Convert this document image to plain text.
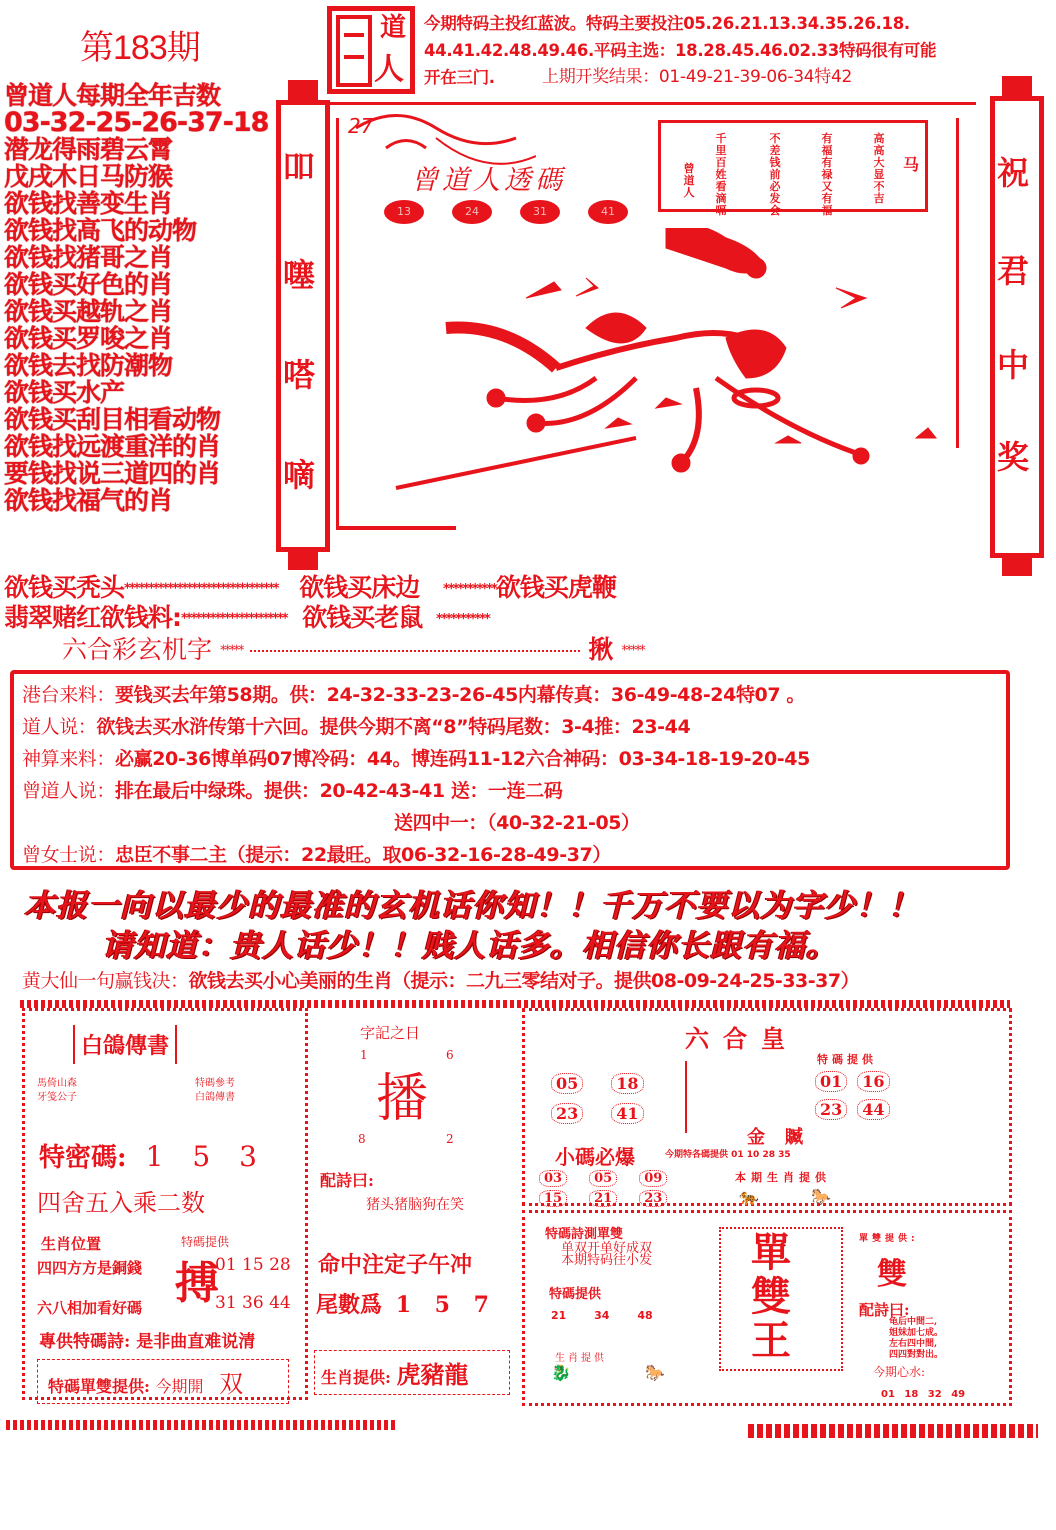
第183期
道
人
今期特码主投红蓝波。特码主要投注05.26.21.13.34.35.26.18.
44.41.42.48.49.46.平码主选：18.28.45.46.02.33特码很有可能
开在三门.	上期开奖结果：01-49-21-39-06-34特42
曾道人每期全年吉数
03-32-25-26-37-18
潜龙得雨碧云霄
戊戌木日马防猴
欲钱找善变生肖
欲钱找高飞的动物
欲钱找猪哥之肖
欲钱买好色的肖
欲钱买越轨之肖
欲钱买罗唆之肖
欲钱去找防潮物
欲钱买水产
欲钱买刮目相看动物
欲钱找远渡重洋的肖
要钱找说三道四的肖
欲钱找福气的肖
吅
噻
嗒
嘀
祝
君
中
奖
27
曾道人透碼
13	24	31	41
曾道人
千里百姓看滴嗝
不差钱前必发会
有福有禄又有福
高高大显不吉
马
欲钱买秃头******************************** 欲钱买床边 ***********欲钱买虎鞭
翡翠赌红欲钱料:********************** 欲钱买老鼠 ***********
六合彩玄机字 *****	揪 *****
港台来料：要钱买去年第58期。供：24-32-33-23-26-45内幕传真：36-49-48-24特07 。
道人说：欲钱去买水浒传第十六回。提供今期不离“8”特码尾数：3-4推：23-44
神算来料：必赢20-36博单码07博冷码：44。博连码11-12六合神码：03-34-18-19-20-45
曾道人说：排在最后中绿珠。提供：20-42-43-41 送：一连二码
送四中一：（40-32-21-05）
曾女士说：忠臣不事二主（提示：22最旺。取06-32-16-28-49-37）
本报一向以最少的最准的玄机话你知！！千万不要以为字少！！
请知道：贵人话少！！贱人话多。相信你长跟有福。
黄大仙一句赢钱决：欲钱去买小心美丽的生肖（提示：二九三零结对子。提供08-09-24-25-33-37）
白鴿傳書
馬倚山森
牙笺公子
特碼參考
白鴿傳書
特密碼: 1 5 3
四舍五入乘二数
生肖位置
四四方方是銅錢
六八相加看好碼
特碼提供
搏
01 15 28
31 36 44
專供特碼詩: 是非曲直难说清
特碼單雙提供: 今期開 双
字記之日
1	6
播
8	2
配詩曰:
猪头猪脑狗在笑
命中注定子午冲
尾數爲 1 5 7
生肖提供: 虎豬龍
六合皇
05 18
23 41
金贓
特碼提供
01 16
23 44
小碼必爆	今期特各碼提供 01 10 28 35
03 05 09
15 21 23
本期生肖提供
🐅	🐎
特碼詩測單雙
单双开单好成双
本期特码往小发
特碼提供
21	34	48
生肖提供
🐉	🐎
單
雙
王
單雙提供:
雙
配詩曰:
龟后中間二,
姐妹加七成。
左右四中間,
四四對對出。
今期心水:
01 18 32 49
